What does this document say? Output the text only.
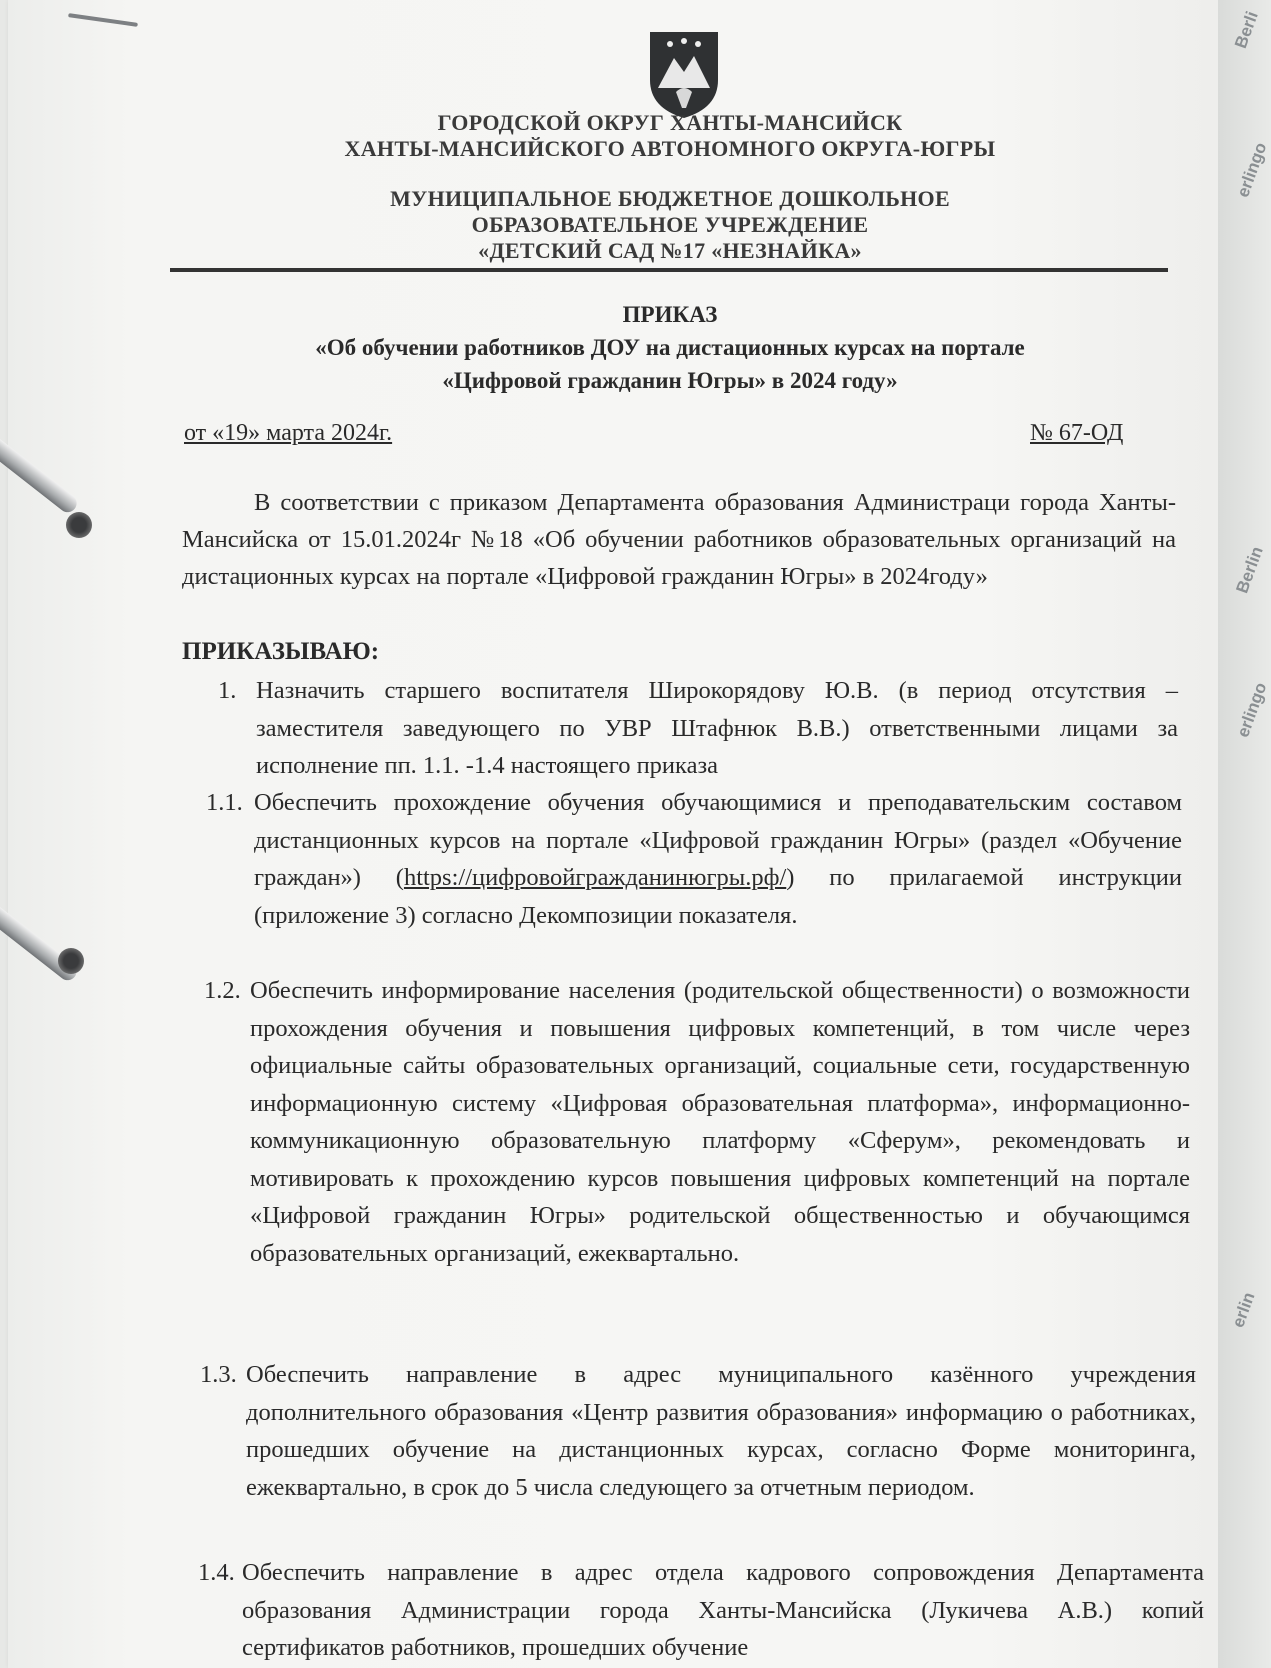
Berli
erlingo
Berlin
erlingo
erlin
ГОРОДСКОЙ ОКРУГ ХАНТЫ-МАНСИЙСК
ХАНТЫ-МАНСИЙСКОГО АВТОНОМНОГО ОКРУГА-ЮГРЫ
МУНИЦИПАЛЬНОЕ БЮДЖЕТНОЕ ДОШКОЛЬНОЕ
ОБРАЗОВАТЕЛЬНОЕ УЧРЕЖДЕНИЕ
«ДЕТСКИЙ САД №17 «НЕЗНАЙКА»
ПРИКАЗ
«Об обучении работников ДОУ на дистационных курсах на портале
«Цифровой гражданин Югры» в 2024 году»
от «19» марта 2024г.	№ 67-ОД
В соответствии с приказом Департамента образования Администраци города Ханты-Мансийска от 15.01.2024г №18 «Об обучении работников образовательных организаций на дистационных курсах на портале «Цифровой гражданин Югры» в 2024году»
ПРИКАЗЫВАЮ:
1. Назначить старшего воспитателя Широкорядову Ю.В. (в период отсутствия – заместителя заведующего по УВР Штафнюк В.В.) ответственными лицами за исполнение пп. 1.1. -1.4 настоящего приказа
1.1. Обеспечить прохождение обучения обучающимися и преподавательским составом дистанционных курсов на портале «Цифровой гражданин Югры» (раздел «Обучение граждан») (https://цифровойгражданинюгры.рф/) по прилагаемой инструкции (приложение 3) согласно Декомпозиции показателя.
1.2. Обеспечить информирование населения (родительской общественности) о возможности прохождения обучения и повышения цифровых компетенций, в том числе через официальные сайты образовательных организаций, социальные сети, государственную информационную систему «Цифровая образовательная платформа», информационно-коммуникационную образовательную платформу «Сферум», рекомендовать и мотивировать к прохождению курсов повышения цифровых компетенций на портале «Цифровой гражданин Югры» родительской общественностью и обучающимся образовательных организаций, ежеквартально.
1.3. Обеспечить направление в адрес муниципального казённого учреждения дополнительного образования «Центр развития образования» информацию о работниках, прошедших обучение на дистанционных курсах, согласно Форме мониторинга, ежеквартально, в срок до 5 числа следующего за отчетным периодом.
1.4. Обеспечить направление в адрес отдела кадрового сопровождения Департамента образования Администрации города Ханты-Мансийска (Лукичева А.В.) копий сертификатов работников, прошедших обучение
